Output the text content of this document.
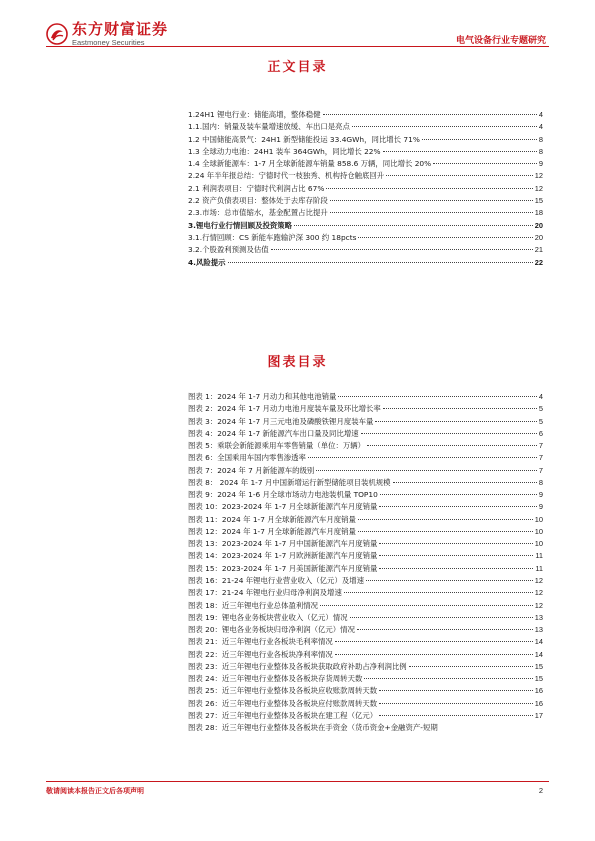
东方财富证券
Eastmoney Securities	电气设备行业专题研究
正文目录
1.24H1 锂电行业：储能高增，整体稳健	4
1.1.国内：销量及装车量增速放缓、车出口是亮点	4
1.2 中国储能高景气：24H1 新型储能投运 33.4GWh，同比增长 71%	8
1.3 全球动力电池：24H1 装车 364GWh，同比增长 22%	8
1.4 全球新能源车：1-7 月全球新能源车销量 858.6 万辆，同比增长 20%	9
2.24 年半年报总结：宁德时代一枝独秀、机构持仓触底回升	12
2.1 利润表项目：宁德时代利润占比 67%	12
2.2 资产负债表项目：整体处于去库存阶段	15
2.3.市场：总市值缩水，基金配置占比提升	18
3.锂电行业行情回顾及投资策略	20
3.1.行情回顾：CS 新能车跑输沪深 300 约 18pcts	20
3.2.个股盈利预测及估值	21
4.风险提示	22
图表目录
图表 1：2024 年 1-7 月动力和其他电池销量	4
图表 2：2024 年 1-7 月动力电池月度装车量及环比增长率	5
图表 3：2024 年 1-7 月三元电池及磷酸铁锂月度装车量	5
图表 4：2024 年 1-7 新能源汽车出口量及同比增速	6
图表 5：乘联会新能源乘用车零售销量（单位：万辆）	7
图表 6：全国乘用车国内零售渗透率	7
图表 7：2024 年 7 月新能源车的级别	7
图表 8： 2024 年 1-7 月中国新增运行新型储能项目装机规模	8
图表 9：2024 年 1-6 月全球市场动力电池装机量 TOP10	9
图表 10：2023-2024 年 1-7 月全球新能源汽车月度销量	9
图表 11：2024 年 1-7 月全球新能源汽车月度销量	10
图表 12：2024 年 1-7 月全球新能源汽车月度销量	10
图表 13：2023-2024 年 1-7 月中国新能源汽车月度销量	10
图表 14：2023-2024 年 1-7 月欧洲新能源汽车月度销量	11
图表 15：2023-2024 年 1-7 月美国新能源汽车月度销量	11
图表 16：21-24 年锂电行业营业收入（亿元）及增速	12
图表 17：21-24 年锂电行业归母净利润及增速	12
图表 18：近三年锂电行业总体盈利情况	12
图表 19：锂电各业务板块营业收入（亿元）情况	13
图表 20：锂电各业务板块归母净利润（亿元）情况	13
图表 21：近三年锂电行业各板块毛利率情况	14
图表 22：近三年锂电行业各板块净利率情况	14
图表 23：近三年锂电行业整体及各板块获取政府补助占净利润比例	15
图表 24：近三年锂电行业整体及各板块存货周转天数	15
图表 25：近三年锂电行业整体及各板块应收账款周转天数	16
图表 26：近三年锂电行业整体及各板块应付账款周转天数	16
图表 27：近三年锂电行业整体及各板块在建工程（亿元）	17
图表 28：近三年锂电行业整体及各板块在手资金（货币资金+金融资产-短期
敬请阅读本报告正文后各项声明	2
